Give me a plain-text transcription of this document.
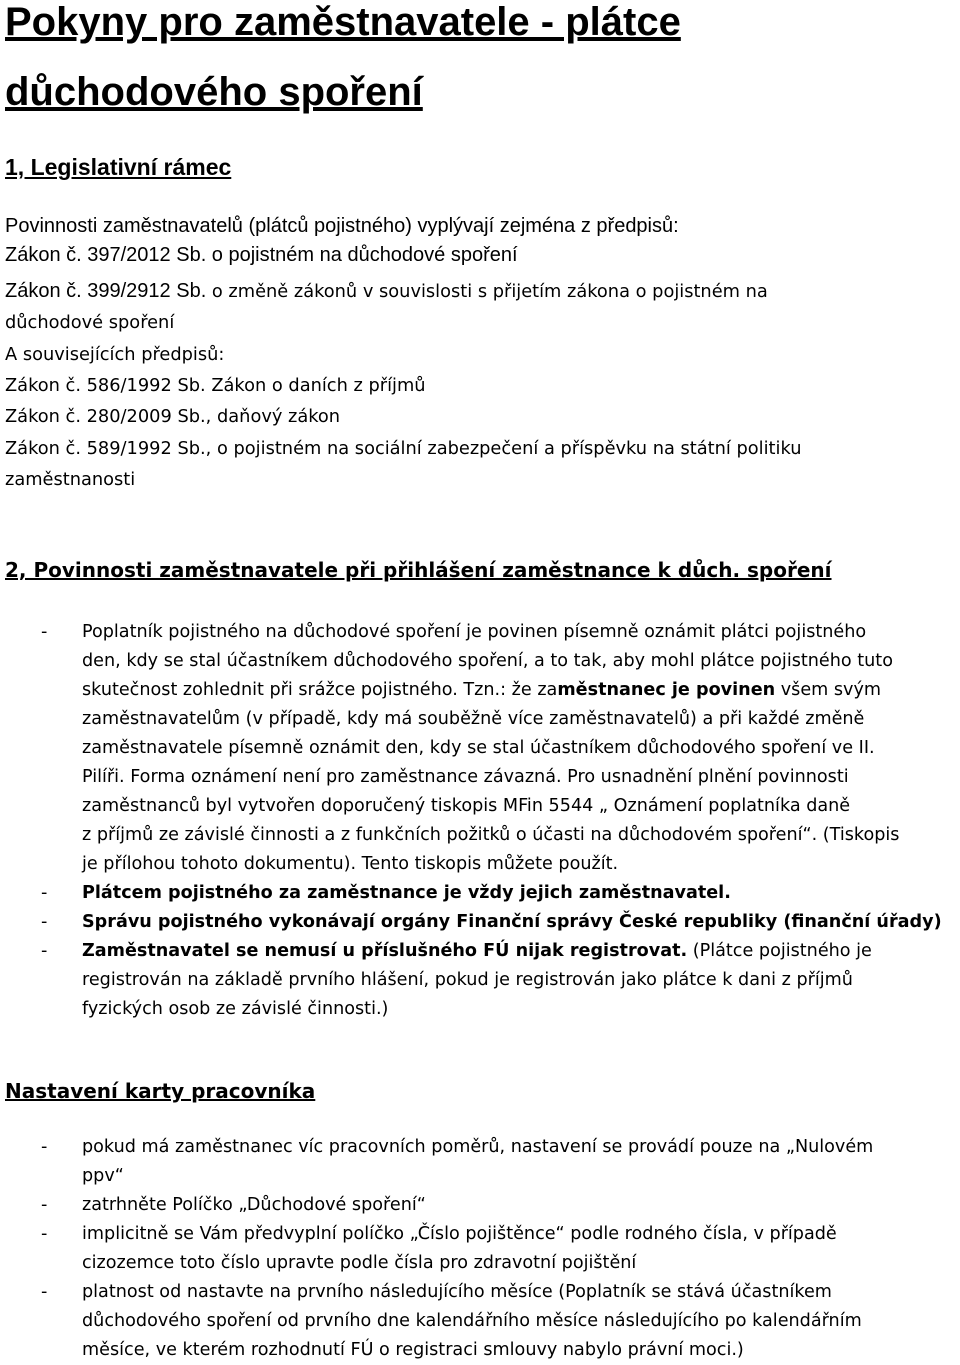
Pokyny pro zaměstnavatele - plátce
důchodového spoření
1, Legislativní rámec

Povinnosti zaměstnavatelů (plátců pojistného) vyplývají zejména z předpisů:

Zákon č. 397/2012 Sb. o pojistném na důchodové spoření

Zákon č. 399/2912 Sb. o změně zákonů v souvislosti s přijetím zákona o pojistném na

důchodové spoření

A souvisejících předpisů:

Zákon č. 586/1992 Sb. Zákon o daních z příjmů

Zákon č. 280/2009 Sb., daňový zákon

Zákon č. 589/1992 Sb., o pojistném na sociální zabezpečení a příspěvku na státní politiku

zaměstnanosti

2, Povinnosti zaměstnavatele při přihlášení zaměstnance k důch. spoření
- Poplatník pojistného na důchodové spoření je povinen písemně oznámit plátci pojistného
den, kdy se stal účastníkem důchodového spoření, a to tak, aby mohl plátce pojistného tuto
skutečnost zohlednit při srážce pojistného. Tzn.: že zaměstnanec je povinen všem svým
zaměstnavatelům (v případě, kdy má souběžně více zaměstnavatelů) a při každé změně
zaměstnavatele písemně oznámit den, kdy se stal účastníkem důchodového spoření ve II.
Pilíři. Forma oznámení není pro zaměstnance závazná. Pro usnadnění plnění povinnosti
zaměstnanců byl vytvořen doporučený tiskopis MFin 5544 „ Oznámení poplatníka daně
z příjmů ze závislé činnosti a z funkčních požitků o účasti na důchodovém spoření“. (Tiskopis
je přílohou tohoto dokumentu). Tento tiskopis můžete použít.
- Plátcem pojistného za zaměstnance je vždy jejich zaměstnavatel.
- Správu pojistného vykonávají orgány Finanční správy České republiky (finanční úřady)
- Zaměstnavatel se nemusí u příslušného FÚ nijak registrovat. (Plátce pojistného je
registrován na základě prvního hlášení, pokud je registrován jako plátce k dani z příjmů
fyzických osob ze závislé činnosti.)
Nastavení karty pracovníka
- pokud má zaměstnanec víc pracovních poměrů, nastavení se provádí pouze na „Nulovém
ppv“
- zatrhněte Políčko „Důchodové spoření“
- implicitně se Vám předvyplní políčko „Číslo pojištěnce“ podle rodného čísla, v případě
cizozemce toto číslo upravte podle čísla pro zdravotní pojištění
- platnost od nastavte na prvního následujícího měsíce (Poplatník se stává účastníkem
důchodového spoření od prvního dne kalendářního měsíce následujícího po kalendářním
měsíce, ve kterém rozhodnutí FÚ o registraci smlouvy nabylo právní moci.)
